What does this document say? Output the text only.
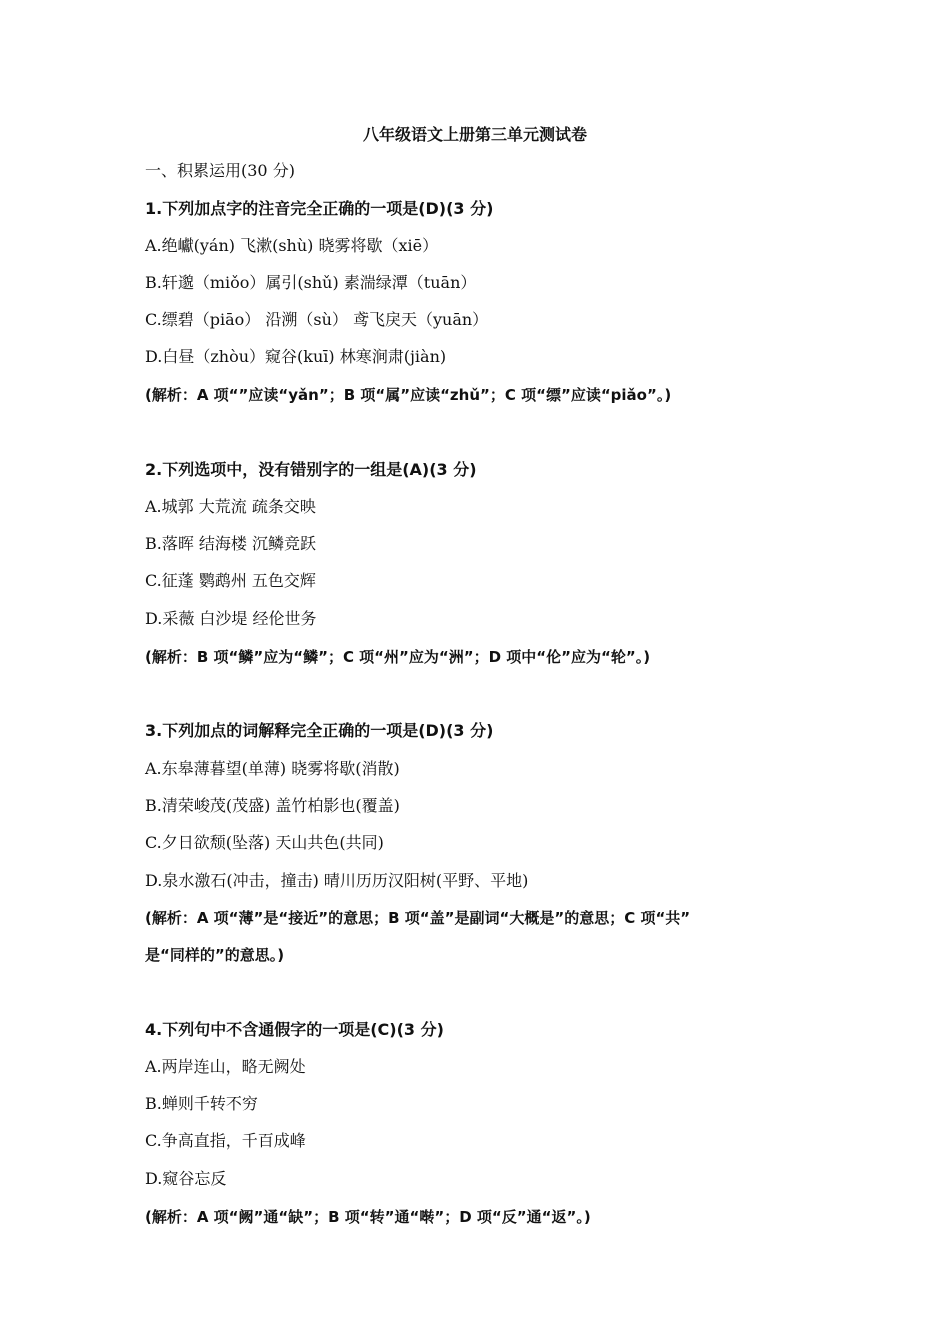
八年级语文上册第三单元测试卷
一、积累运用(30 分)
1.下列加点字的注音完全正确的一项是(D)(3 分)
A.绝巘(yán) 飞漱(shù) 晓雾将歇（xiē）
B.轩邈（miǒo）属引(shǔ) 素湍绿潭（tuān）
C.缥碧（piāo） 沿溯（sù） 鸢飞戾天（yuān）
D.白昼（zhòu）窥谷(kuī) 林寒涧肃(jiàn)
(解析：A 项“”应读“yǎn”；B 项“属”应读“zhǔ”；C 项“缥”应读“piǎo”。)
2.下列选项中，没有错别字的一组是(A)(3 分)
A.城郭 大荒流 疏条交映
B.落晖 结海楼 沉鳞竞跃
C.征蓬 鹦鹉州 五色交辉
D.采薇 白沙堤 经伦世务
(解析：B 项“鳞”应为“鳞”；C 项“州”应为“洲”；D 项中“伦”应为“轮”。)
3.下列加点的词解释完全正确的一项是(D)(3 分)
A.东皋薄暮望(单薄) 晓雾将歇(消散)
B.清荣峻茂(茂盛) 盖竹柏影也(覆盖)
C.夕日欲颓(坠落) 天山共色(共同)
D.泉水激石(冲击，撞击) 晴川历历汉阳树(平野、平地)
(解析：A 项“薄”是“接近”的意思；B 项“盖”是副词“大概是”的意思；C 项“共”
是“同样的”的意思。)
4.下列句中不含通假字的一项是(C)(3 分)
A.两岸连山，略无阙处
B.蝉则千转不穷
C.争高直指，千百成峰
D.窥谷忘反
(解析：A 项“阙”通“缺”；B 项“转”通“啭”；D 项“反”通“返”。)
